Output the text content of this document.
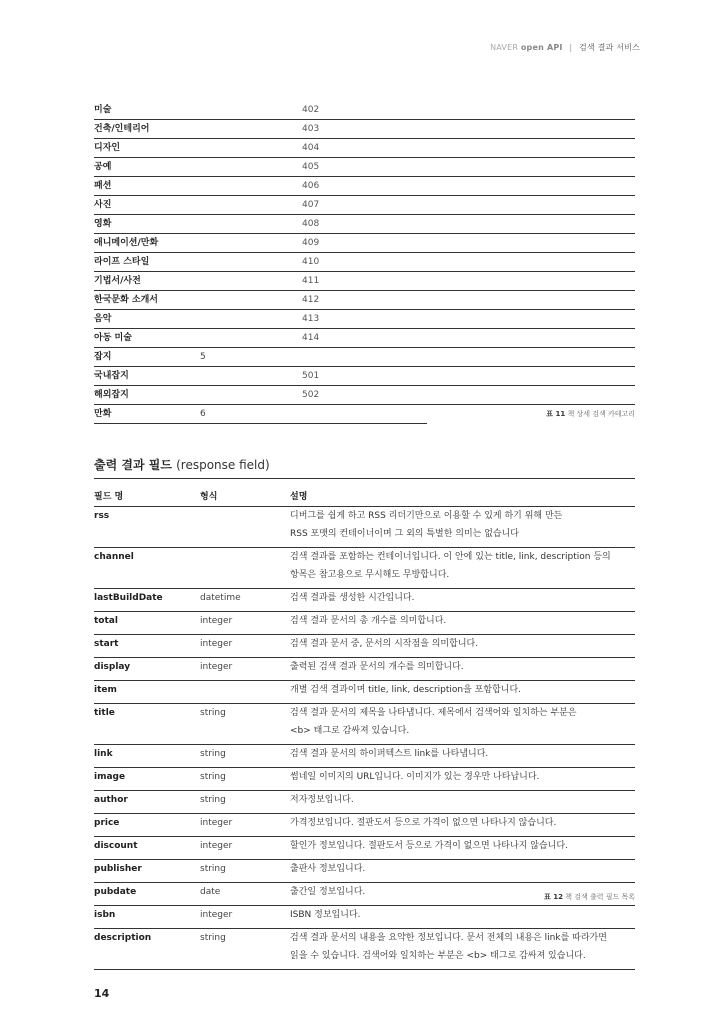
NAVER open API | 검색 결과 서비스
미술		402	
건축/인테리어		403	
디자인		404	
공예		405	
패션		406	
사진		407	
영화		408	
애니메이션/만화		409	
라이프 스타일		410	
기법서/사전		411	
한국문화 소개서		412	
음악		413	
아동 미술		414	
잡지	5		
국내잡지		501	
해외잡지		502	
만화	6		표 11 책 상세 검색 카테고리
출력 결과 필드 (response field)
필드 명	형식	설명
rss		디버그를 쉽게 하고 RSS 리더기만으로 이용할 수 있게 하기 위해 만든
RSS 포맷의 컨테이너이며 그 외의 특별한 의미는 없습니다

channel		검색 결과를 포함하는 컨테이너입니다. 이 안에 있는 title, link, description 등의
항목은 참고용으로 무시해도 무방합니다.

lastBuildDate	datetime	검색 결과를 생성한 시간입니다.

total	integer	검색 결과 문서의 총 개수를 의미합니다.

start	integer	검색 결과 문서 중, 문서의 시작점을 의미합니다.

display	integer	출력된 검색 결과 문서의 개수를 의미합니다.

item		개별 검색 결과이며 title, link, description을 포함합니다.

title	string	검색 결과 문서의 제목을 나타냅니다. 제목에서 검색어와 일치하는 부분은
<b> 태그로 감싸져 있습니다.

link	string	검색 결과 문서의 하이퍼텍스트 link를 나타냅니다.

image	string	썸네일 이미지의 URL입니다. 이미지가 있는 경우만 나타납니다.

author	string	저자정보입니다.

price	integer	가격정보입니다. 절판도서 등으로 가격이 없으면 나타나지 않습니다.

discount	integer	할인가 정보입니다. 절판도서 등으로 가격이 없으면 나타나지 않습니다.

publisher	string	출판사 정보입니다.

pubdate	date	출간일 정보입니다.

isbn	integer	ISBN 정보입니다.

description	string	검색 결과 문서의 내용을 요약한 정보입니다. 문서 전체의 내용은 link를 따라가면
읽을 수 있습니다. 검색어와 일치하는 부분은 <b> 태그로 감싸져 있습니다.
표 12 책 검색 출력 필드 목록
14
